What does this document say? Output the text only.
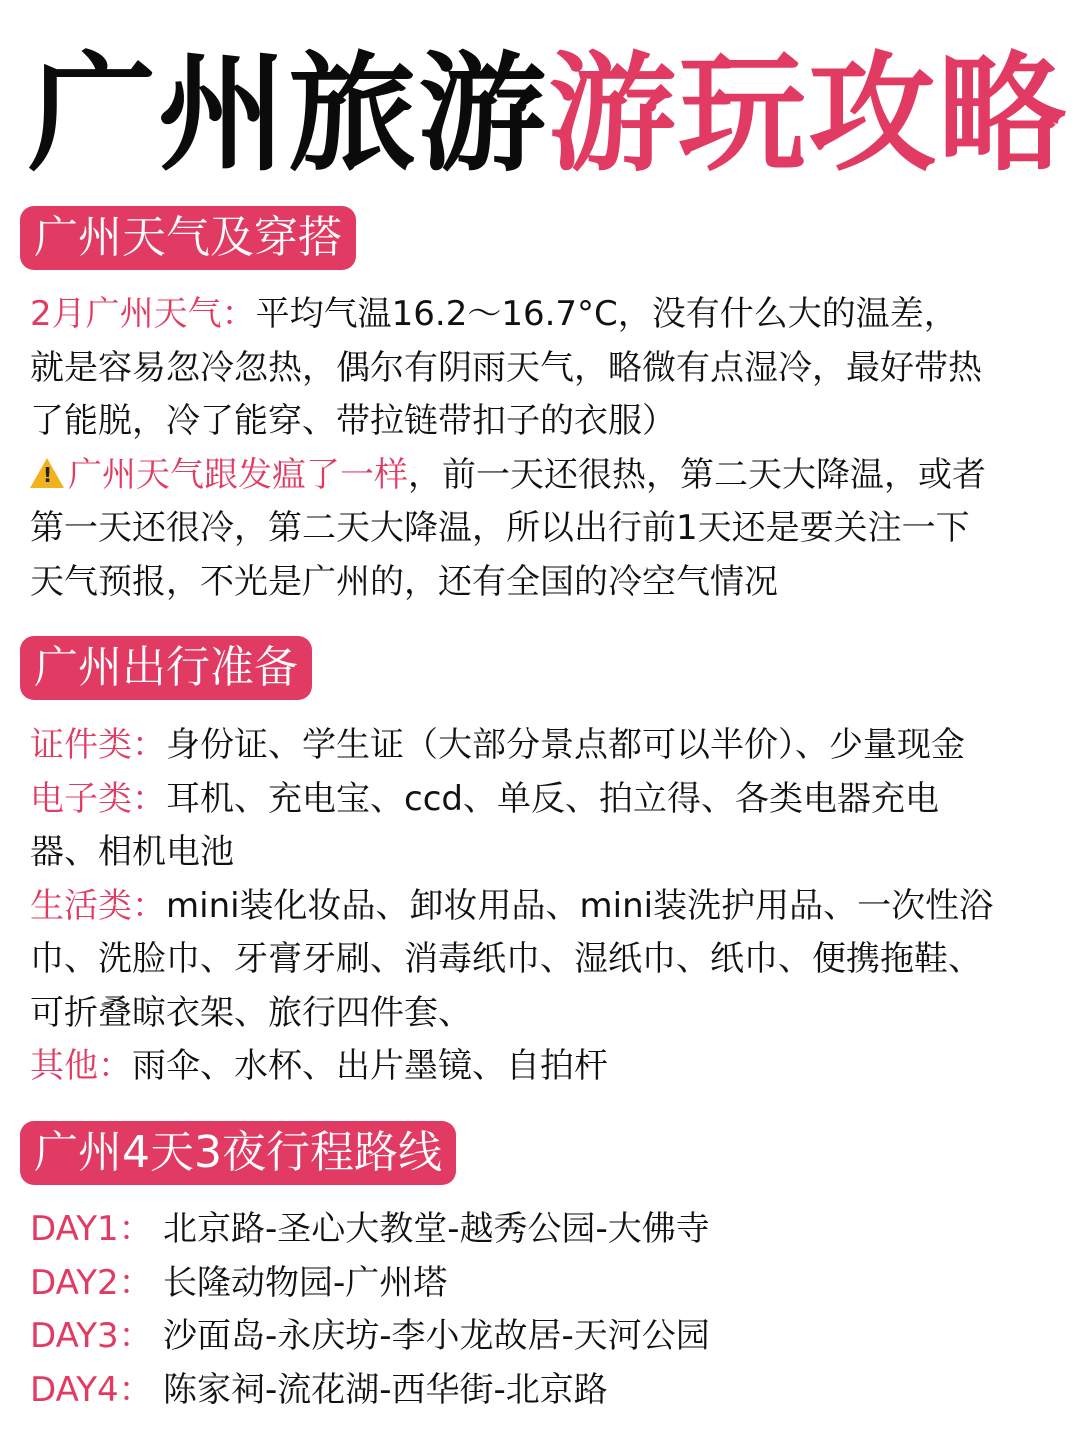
广州旅游游玩攻略
广州天气及穿搭
2月广州天气：平均气温16.2～16.7°C，没有什么大的温差，
就是容易忽冷忽热，偶尔有阴雨天气，略微有点湿冷，最好带热
了能脱，冷了能穿、带拉链带扣子的衣服）
!广州天气跟发瘟了一样，前一天还很热，第二天大降温，或者
第一天还很冷，第二天大降温，所以出行前1天还是要关注一下
天气预报，不光是广州的，还有全国的冷空气情况
广州出行准备
证件类：身份证、学生证（大部分景点都可以半价）、少量现金
电子类：耳机、充电宝、ccd、单反、拍立得、各类电器充电
器、相机电池
生活类：mini装化妆品、卸妆用品、mini装洗护用品、一次性浴
巾、洗脸巾、牙膏牙刷、消毒纸巾、湿纸巾、纸巾、便携拖鞋、
可折叠晾衣架、旅行四件套、
其他：雨伞、水杯、出片墨镜、自拍杆
广州4天3夜行程路线
DAY1： 北京路-圣心大教堂-越秀公园-大佛寺
DAY2： 长隆动物园-广州塔
DAY3： 沙面岛-永庆坊-李小龙故居-天河公园
DAY4： 陈家祠-流花湖-西华街-北京路
